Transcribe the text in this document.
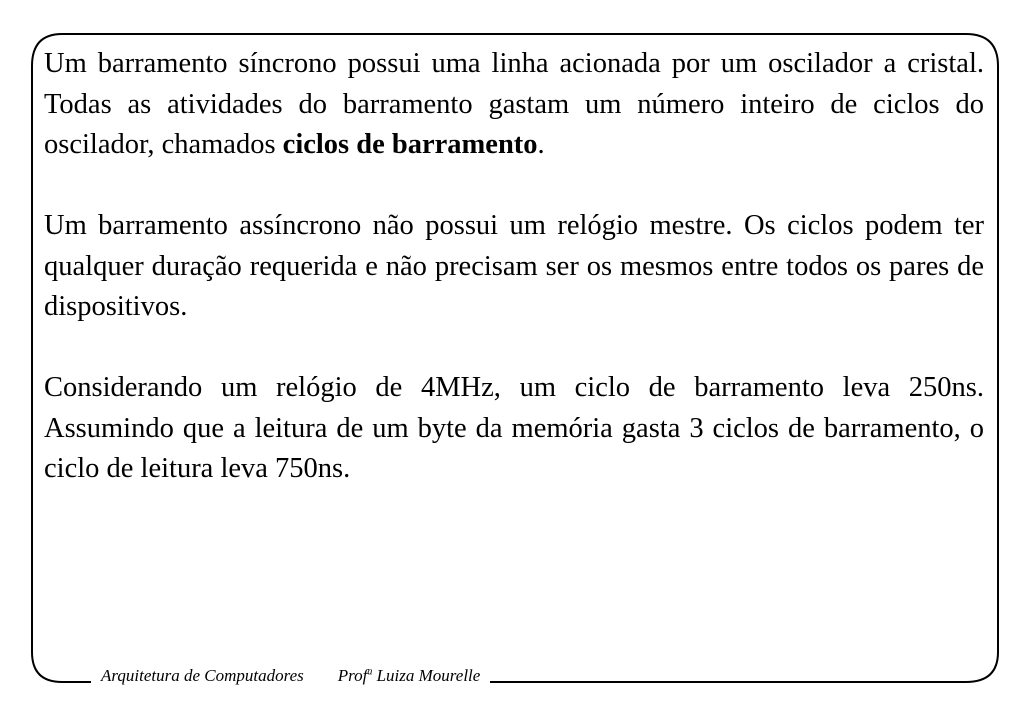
Um barramento síncrono possui uma linha acionada por um oscilador a cristal. Todas as atividades do barramento gastam um número inteiro de ciclos do oscilador, chamados ciclos de barramento.

Um barramento assíncrono não possui um relógio mestre. Os ciclos podem ter qualquer duração requerida e não precisam ser os mesmos entre todos os pares de dispositivos.

Considerando um relógio de 4MHz, um ciclo de barramento leva 250ns. Assumindo que a leitura de um byte da memória gasta 3 ciclos de barramento, o ciclo de leitura leva 750ns.

Arquitetura de Computadores Prof$^a$ Luiza Mourelle
